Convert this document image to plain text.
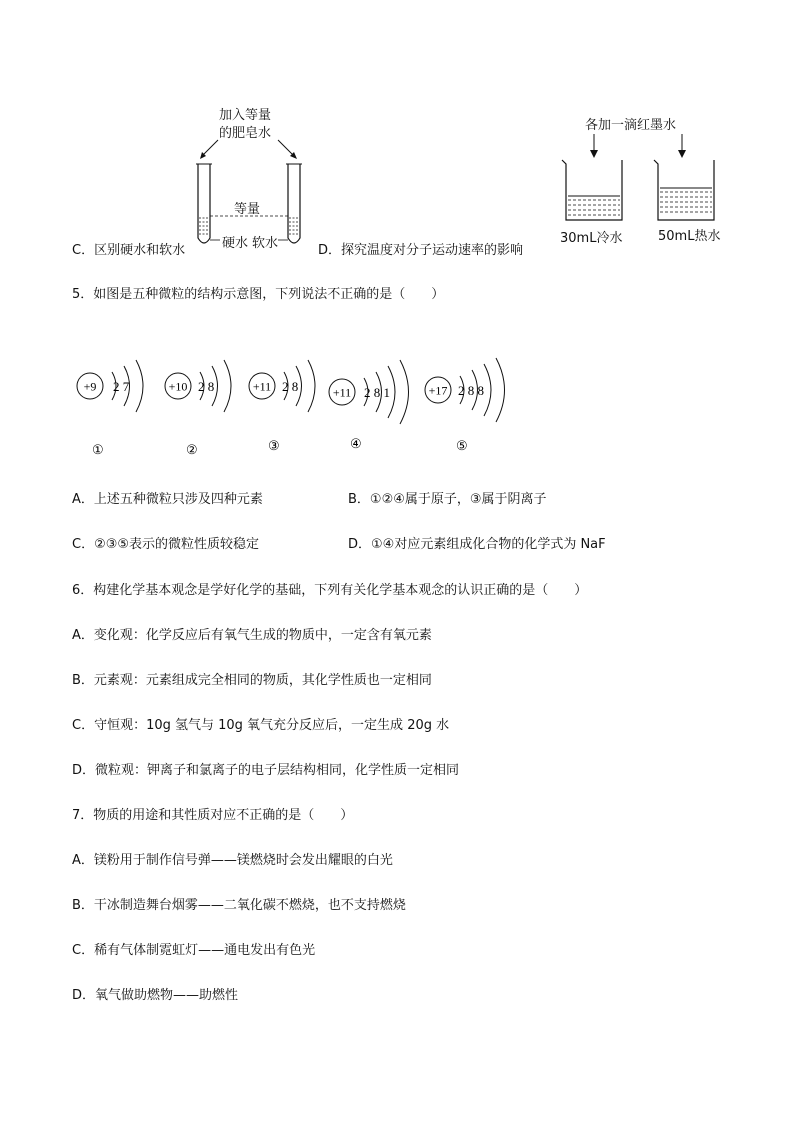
加入等量
的肥皂水
等量
硬水 软水
各加一滴红墨水
30mL冷水	50mL热水
C．区别硬水和软水	D．探究温度对分子运动速率的影响
5．如图是五种微粒的结构示意图，下列说法不正确的是（　　）
+9 2 7
①
+10 2 8
②
+11 2 8
③
+11 2 8 1
④
+17 2 8 8
⑤
A．上述五种微粒只涉及四种元素	B．①②④属于原子，③属于阴离子
C．②③⑤表示的微粒性质较稳定	D．①④对应元素组成化合物的化学式为 NaF
6．构建化学基本观念是学好化学的基础，下列有关化学基本观念的认识正确的是（　　）
A．变化观：化学反应后有氧气生成的物质中，一定含有氧元素
B．元素观：元素组成完全相同的物质，其化学性质也一定相同
C．守恒观：10g 氢气与 10g 氧气充分反应后，一定生成 20g 水
D．微粒观：钾离子和氯离子的电子层结构相同，化学性质一定相同
7．物质的用途和其性质对应不正确的是（　　）
A．镁粉用于制作信号弹——镁燃烧时会发出耀眼的白光
B．干冰制造舞台烟雾——二氧化碳不燃烧，也不支持燃烧
C．稀有气体制霓虹灯——通电发出有色光
D．氧气做助燃物——助燃性
